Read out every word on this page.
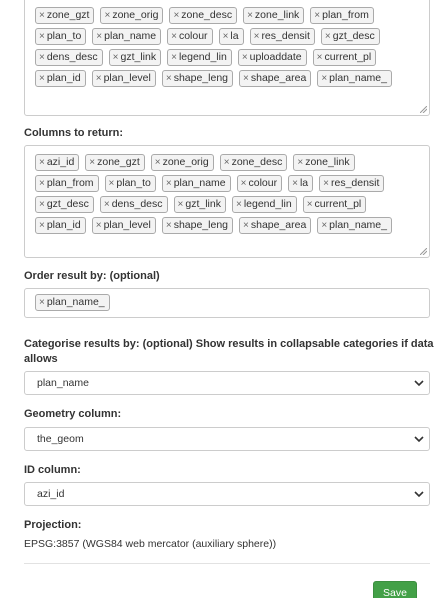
× zone_gzt × zone_orig × zone_desc × zone_link × plan_from
× plan_to × plan_name × colour × la × res_densit × gzt_desc
× dens_desc × gzt_link × legend_lin × uploaddate × current_pl
× plan_id × plan_level × shape_leng × shape_area × plan_name_
Columns to return:
× azi_id × zone_gzt × zone_orig × zone_desc × zone_link
× plan_from × plan_to × plan_name × colour × la × res_densit
× gzt_desc × dens_desc × gzt_link × legend_lin × current_pl
× plan_id × plan_level × shape_leng × shape_area × plan_name_
Order result by: (optional)
× plan_name_
Categorise results by: (optional) Show results in collapsable categories if data
allows
plan_name
Geometry column:
the_geom
ID column:
azi_id
Projection:
EPSG:3857 (WGS84 web mercator (auxiliary sphere))
Save
